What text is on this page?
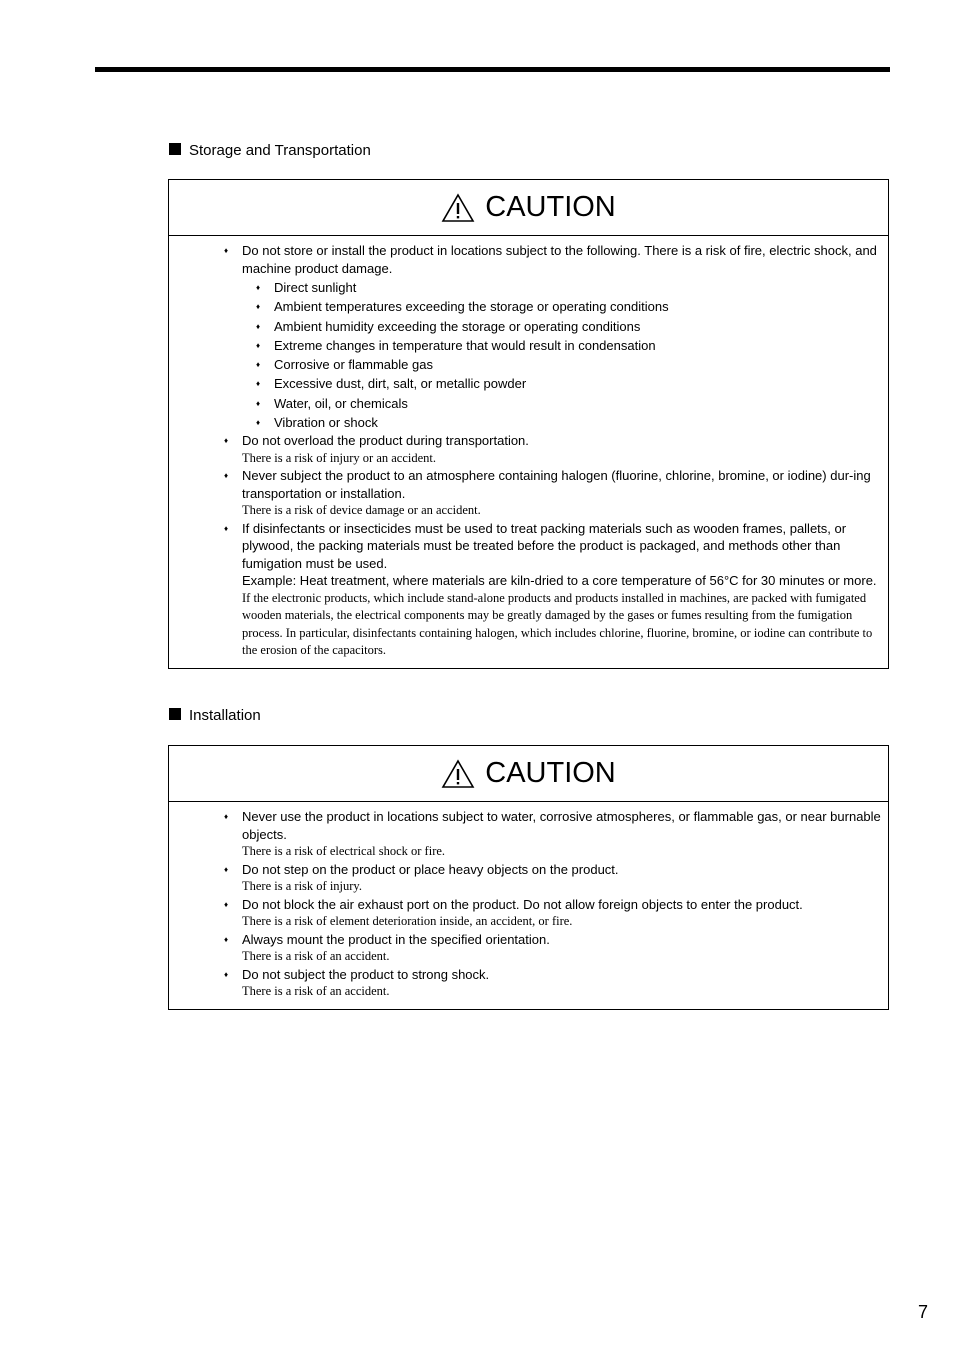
Storage and Transportation
CAUTION
♦ Do not store or install the product in locations subject to the following. There is a risk of fire, electric shock, and machine product damage.
♦ Direct sunlight
♦ Ambient temperatures exceeding the storage or operating conditions
♦ Ambient humidity exceeding the storage or operating conditions
♦ Extreme changes in temperature that would result in condensation
♦ Corrosive or flammable gas
♦ Excessive dust, dirt, salt, or metallic powder
♦ Water, oil, or chemicals
♦ Vibration or shock
♦ Do not overload the product during transportation.
There is a risk of injury or an accident.
♦ Never subject the product to an atmosphere containing halogen (fluorine, chlorine, bromine, or iodine) dur-ing transportation or installation.
There is a risk of device damage or an accident.
♦ If disinfectants or insecticides must be used to treat packing materials such as wooden frames, pallets, or plywood, the packing materials must be treated before the product is packaged, and methods other than fumigation must be used.
Example: Heat treatment, where materials are kiln-dried to a core temperature of 56°C for 30 minutes or more.
If the electronic products, which include stand-alone products and products installed in machines, are packed with fumigated wooden materials, the electrical components may be greatly damaged by the gases or fumes resulting from the fumigation process. In particular, disinfectants containing halogen, which includes chlorine, fluorine, bromine, or iodine can contribute to the erosion of the capacitors.
Installation
CAUTION
♦ Never use the product in locations subject to water, corrosive atmospheres, or flammable gas, or near burnable objects.
There is a risk of electrical shock or fire.
♦ Do not step on the product or place heavy objects on the product.
There is a risk of injury.
♦ Do not block the air exhaust port on the product. Do not allow foreign objects to enter the product.
There is a risk of element deterioration inside, an accident, or fire.
♦ Always mount the product in the specified orientation.
There is a risk of an accident.
♦ Do not subject the product to strong shock.
There is a risk of an accident.
7
